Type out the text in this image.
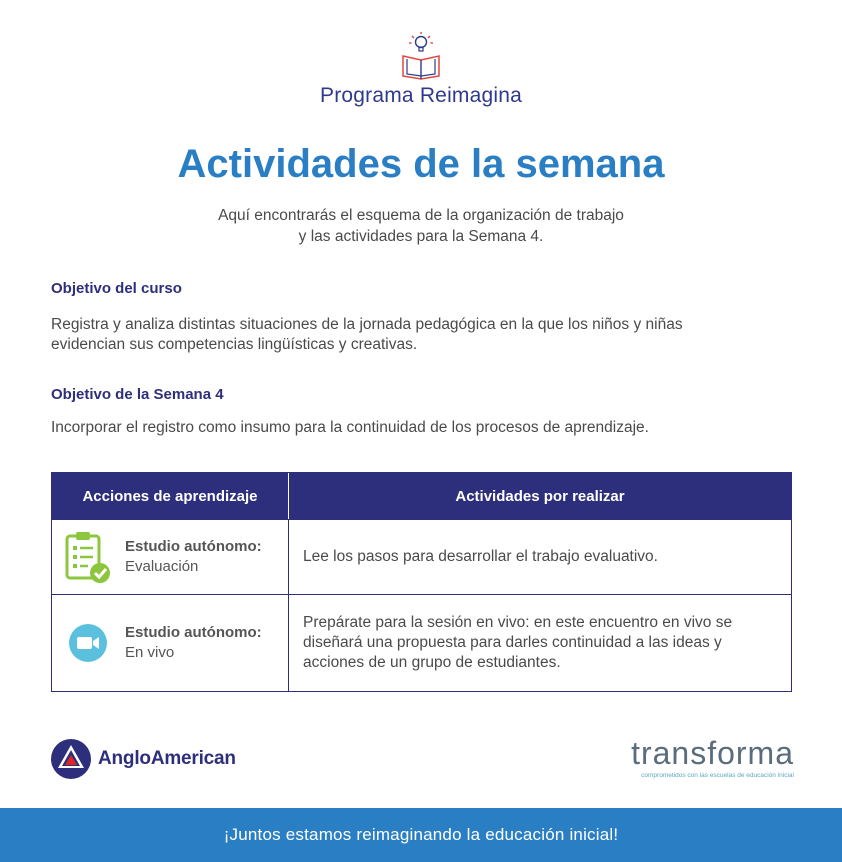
Programa Reimagina
Actividades de la semana
Aquí encontrarás el esquema de la organización de trabajo
y las actividades para la Semana 4.
Objetivo del curso
Registra y analiza distintas situaciones de la jornada pedagógica en la que los niños y niñas
evidencian sus competencias lingüísticas y creativas.
Objetivo de la Semana 4
Incorporar el registro como insumo para la continuidad de los procesos de aprendizaje.
Acciones de aprendizaje	Actividades por realizar
Estudio autónomo:
Evaluación
Lee los pasos para desarrollar el trabajo evaluativo.
Estudio autónomo:
En vivo
Prepárate para la sesión en vivo: en este encuentro en vivo se diseñará una propuesta para darles continuidad a las ideas y acciones de un grupo de estudiantes.
AngloAmerican	transforma
comprometidos con las escuelas de educación inicial
¡Juntos estamos reimaginando la educación inicial!
